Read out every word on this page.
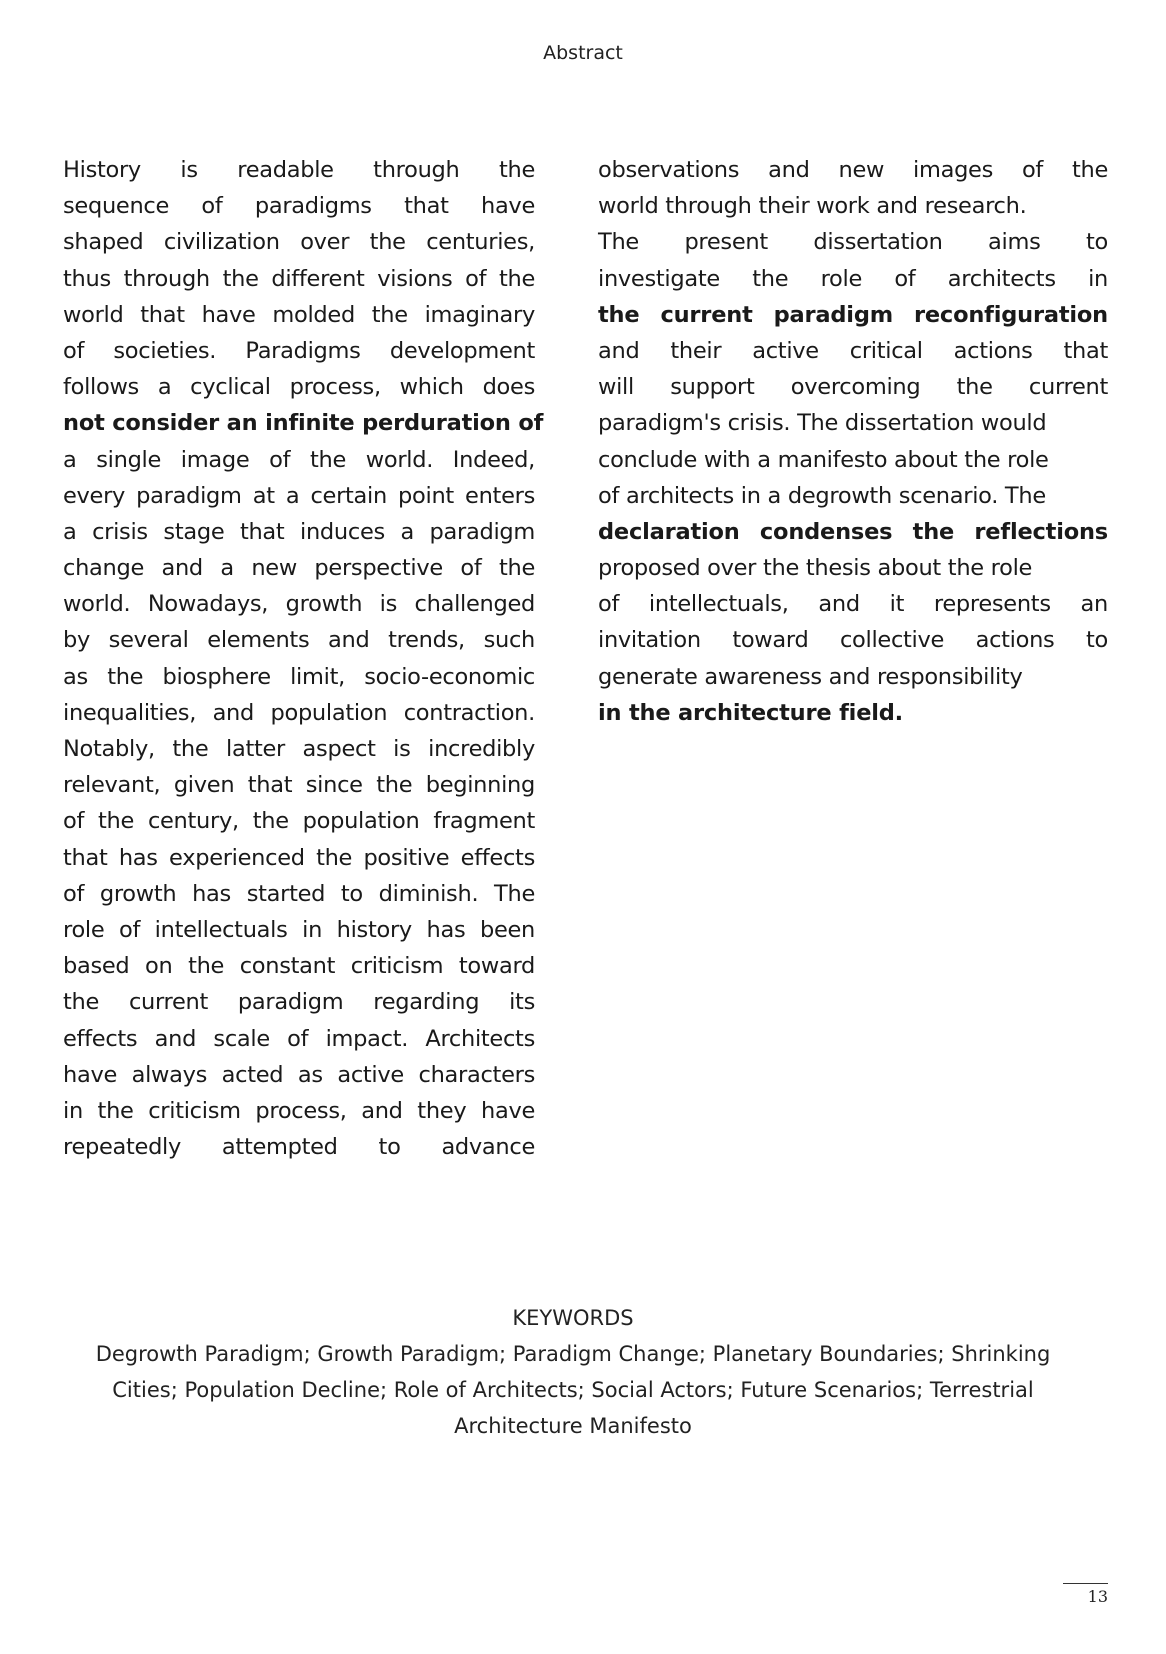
Abstract
History is readable through the
sequence of paradigms that have
shaped civilization over the centuries,
thus through the different visions of the
world that have molded the imaginary
of societies. Paradigms development
follows a cyclical process, which does
not consider an infinite perduration of
a single image of the world. Indeed,
every paradigm at a certain point enters
a crisis stage that induces a paradigm
change and a new perspective of the
world. Nowadays, growth is challenged
by several elements and trends, such
as the biosphere limit, socio-economic
inequalities, and population contraction.
Notably, the latter aspect is incredibly
relevant, given that since the beginning
of the century, the population fragment
that has experienced the positive effects
of growth has started to diminish. The
role of intellectuals in history has been
based on the constant criticism toward
the current paradigm regarding its
effects and scale of impact. Architects
have always acted as active characters
in the criticism process, and they have
repeatedly attempted to advance
observations and new images of the
world through their work and research.
The present dissertation aims to
investigate the role of architects in
the current paradigm reconfiguration
and their active critical actions that
will support overcoming the current
paradigm's crisis. The dissertation would
conclude with a manifesto about the role
of architects in a degrowth scenario. The
declaration condenses the reflections
proposed over the thesis about the role
of intellectuals, and it represents an
invitation toward collective actions to
generate awareness and responsibility
in the architecture field.
KEYWORDS
Degrowth Paradigm; Growth Paradigm; Paradigm Change; Planetary Boundaries; Shrinking
Cities; Population Decline; Role of Architects; Social Actors; Future Scenarios; Terrestrial
Architecture Manifesto
13
